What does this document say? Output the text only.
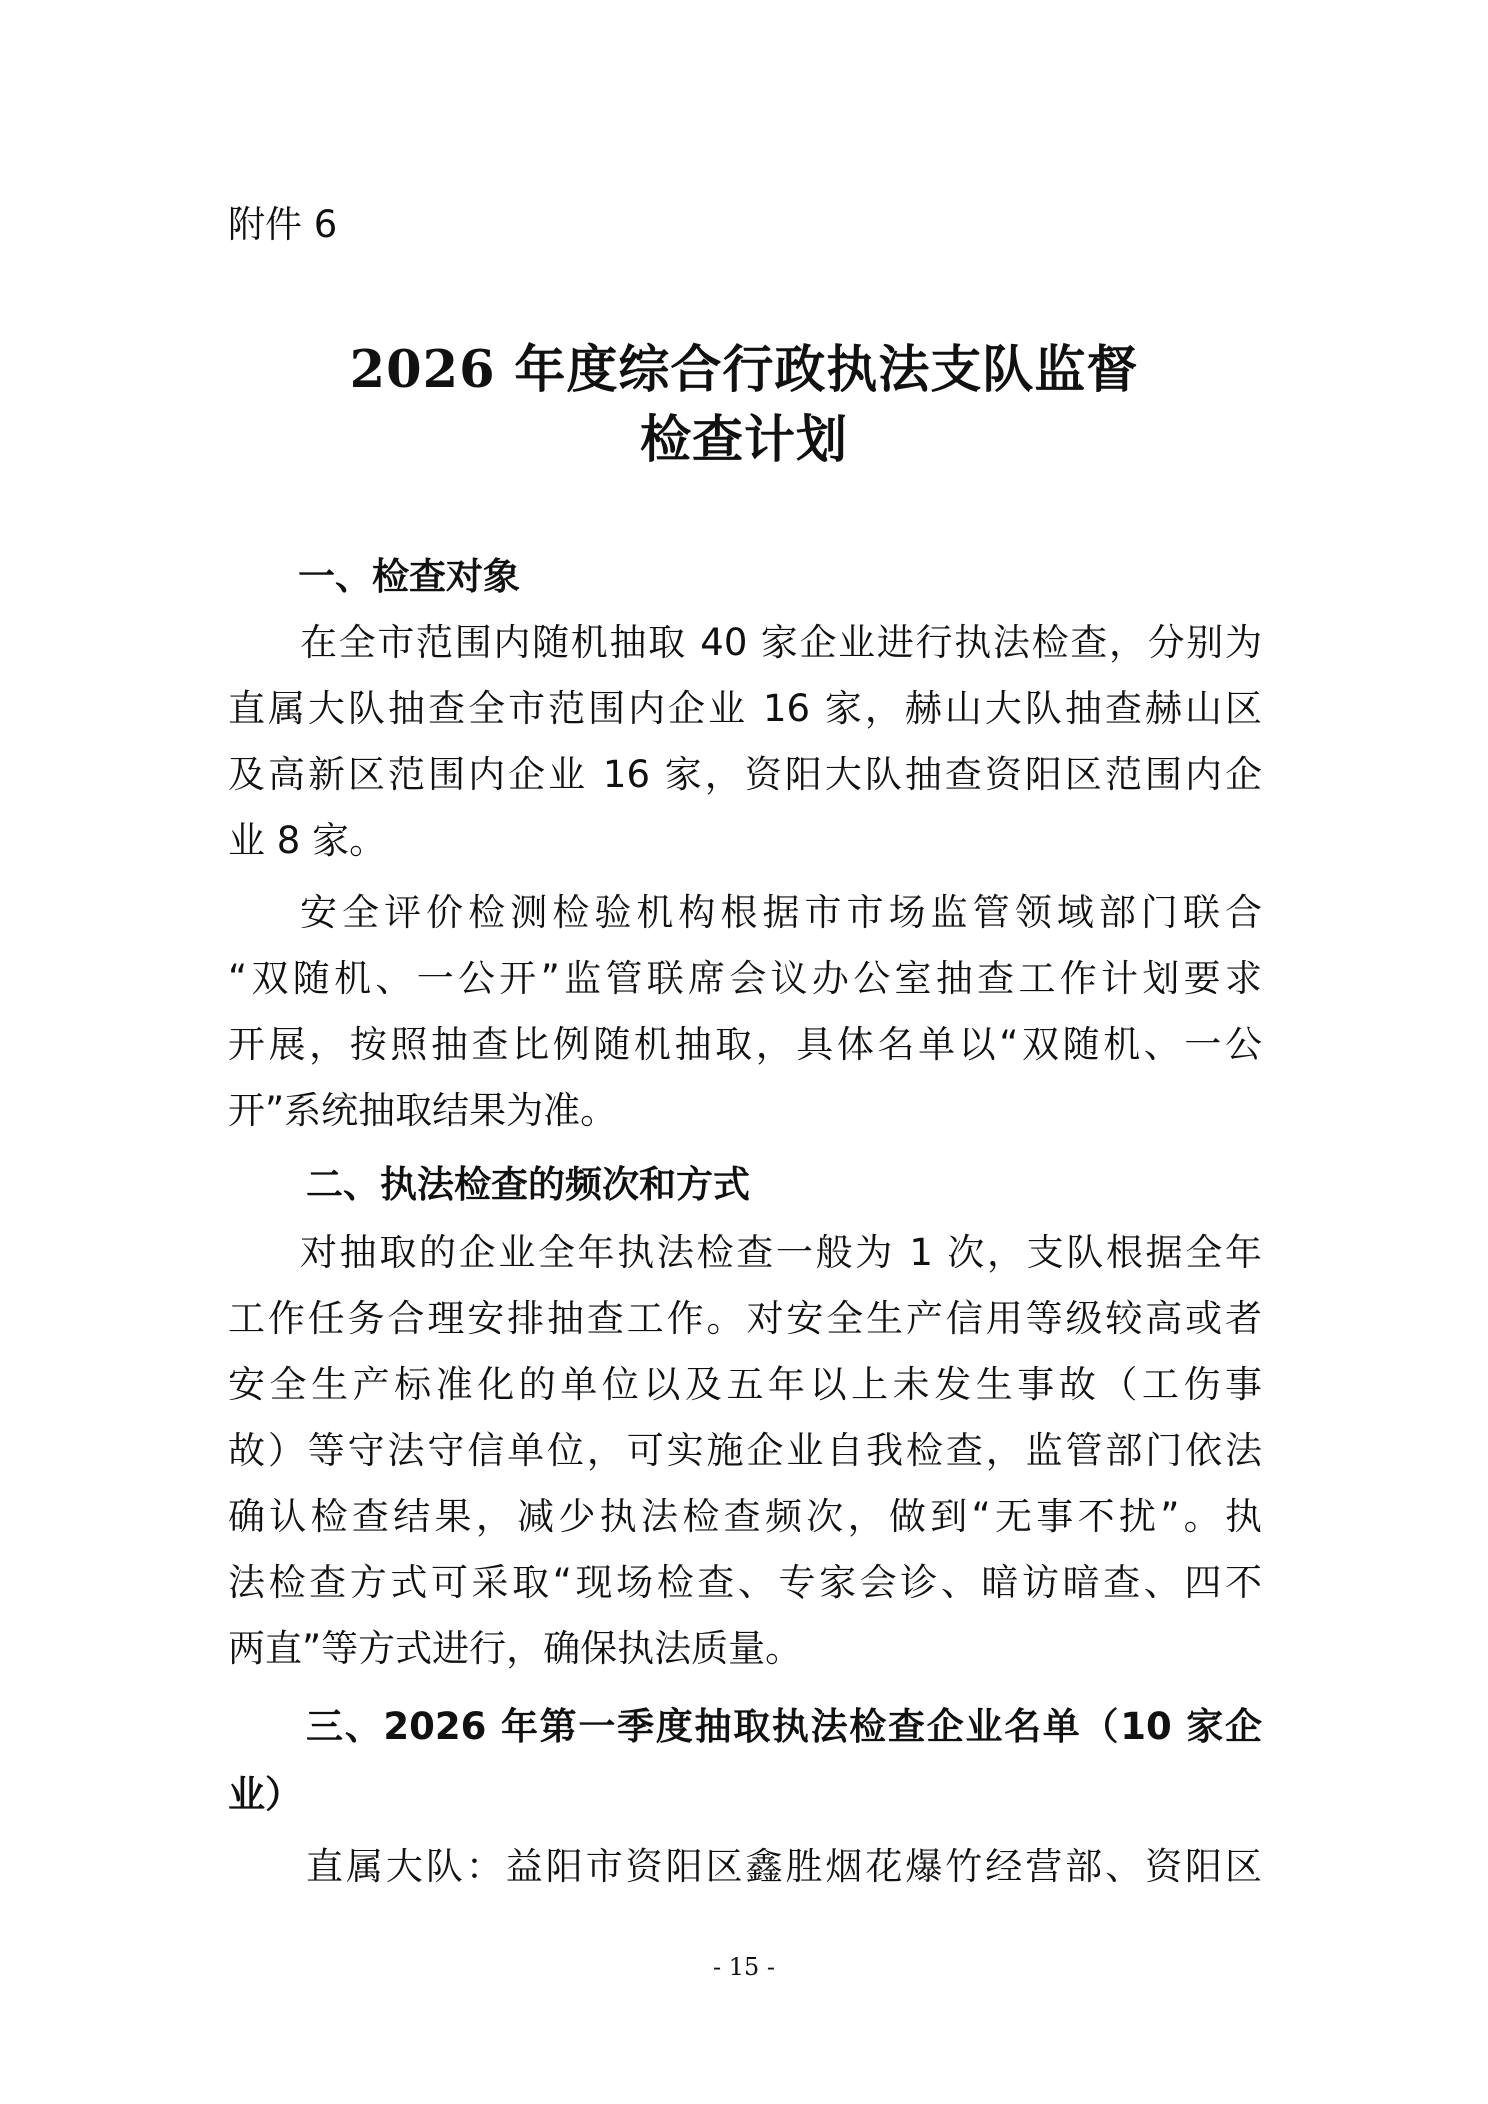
附件 6
2026 年度综合行政执法支队监督
检查计划
一、检查对象
在全市范围内随机抽取 40 家企业进行执法检查，分别为
直属大队抽查全市范围内企业 16 家，赫山大队抽查赫山区
及高新区范围内企业 16 家，资阳大队抽查资阳区范围内企
业 8 家。
安全评价检测检验机构根据市市场监管领域部门联合
“双随机、一公开”监管联席会议办公室抽查工作计划要求
开展，按照抽查比例随机抽取，具体名单以“双随机、一公
开”系统抽取结果为准。
二、执法检查的频次和方式
对抽取的企业全年执法检查一般为 1 次，支队根据全年
工作任务合理安排抽查工作。对安全生产信用等级较高或者
安全生产标准化的单位以及五年以上未发生事故（工伤事
故）等守法守信单位，可实施企业自我检查，监管部门依法
确认检查结果，减少执法检查频次，做到“无事不扰”。执
法检查方式可采取“现场检查、专家会诊、暗访暗查、四不
两直”等方式进行，确保执法质量。
三、2026 年第一季度抽取执法检查企业名单（10 家企
业）
直属大队：益阳市资阳区鑫胜烟花爆竹经营部、资阳区
- 15 -
